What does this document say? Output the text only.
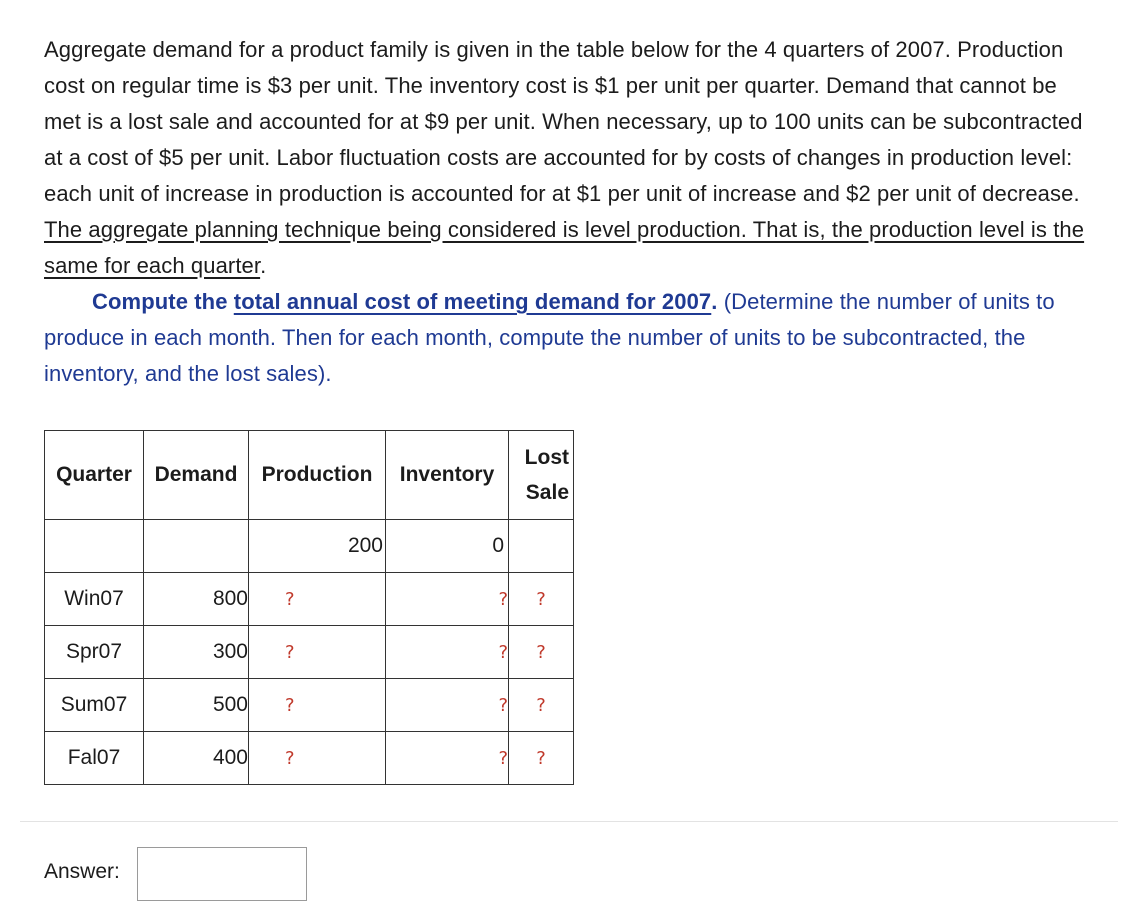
Aggregate demand for a product family is given in the table below for the 4 quarters of 2007. Production cost on regular time is $3 per unit. The inventory cost is $1 per unit per quarter. Demand that cannot be met is a lost sale and accounted for at $9 per unit. When necessary, up to 100 units can be subcontracted at a cost of $5 per unit. Labor fluctuation costs are accounted for by costs of changes in production level: each unit of increase in production is accounted for at $1 per unit of increase and $2 per unit of decrease. The aggregate planning technique being considered is level production. That is, the production level is the same for each quarter.

Compute the total annual cost of meeting demand for 2007. (Determine the number of units to produce in each month. Then for each month, compute the number of units to be subcontracted, the inventory, and the lost sales).

Quarter	Demand	Production	Inventory	Lost
Sale
		200	0	
Win07	800	?	?	?
Spr07	300	?	?	?
Sum07	500	?	?	?
Fal07	400	?	?	?
Answer:
